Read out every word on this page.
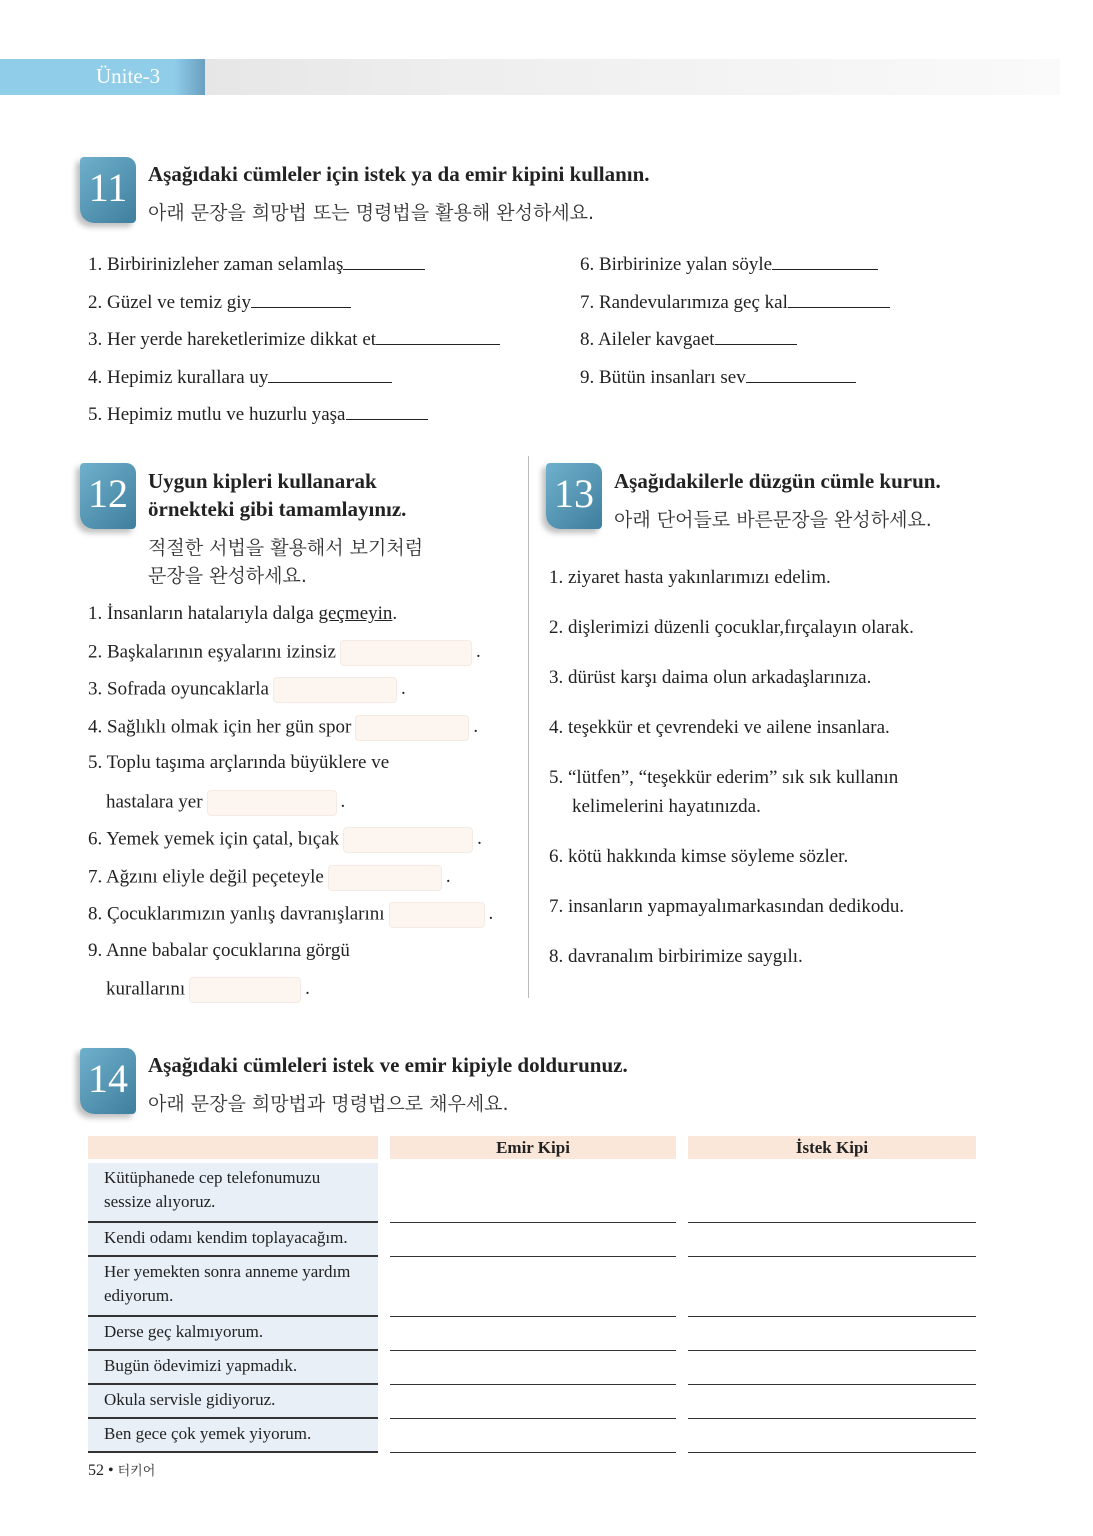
Ünite-3
11 Aşağıdaki cümleler için istek ya da emir kipini kullanın.
아래 문장을 희망법 또는 명령법을 활용해 완성하세요.
12 Uygun kipleri kullanarak
örnekteki gibi tamamlayınız.
적절한 서법을 활용해서 보기처럼
문장을 완성하세요.
1. İnsanların hatalarıyla dalga geçmeyin.
13 Aşağıdakilerle düzgün cümle kurun.
아래 단어들로 바른문장을 완성하세요.
14 Aşağıdaki cümleleri istek ve emir kipiyle doldurunuz.
아래 문장을 희망법과 명령법으로 채우세요.
		Emir Kipi		İstek Kipi

Kütüphanede cep telefonumuzu sessize alıyoruz.				
Kendi odamı kendim toplayacağım.				
Her yemekten sonra anneme yardım ediyorum.				
Derse geç kalmıyorum.				
Bugün ödevimizi yapmadık.				
Okula servisle gidiyoruz.				
Ben gece çok yemek yiyorum.				
52 • 터키어
1. Birbirinizleher zaman selamlaş
2. Güzel ve temiz giy
3. Her yerde hareketlerimize dikkat et
4. Hepimiz kurallara uy
5. Hepimiz mutlu ve huzurlu yaşa
6. Birbirinize yalan söyle
7. Randevularımıza geç kal
8. Aileler kavgaet
9. Bütün insanları sev
2. Başkalarının eşyalarını izinsiz	.
3. Sofrada oyuncaklarla	.
4. Sağlıklı olmak için her gün spor	.
5. Toplu taşıma arçlarında büyüklere ve
hastalara yer	.
6. Yemek yemek için çatal, bıçak	.
7. Ağzını eliyle değil peçeteyle	.
8. Çocuklarımızın yanlış davranışlarını	.
9. Anne babalar çocuklarına görgü
kurallarını	.
1. ziyaret hasta yakınlarımızı edelim.
2. dişlerimizi düzenli çocuklar,fırçalayın olarak.
3. dürüst karşı daima olun arkadaşlarınıza.
4. teşekkür et çevrendeki ve ailene insanlara.
5. “lütfen”, “teşekkür ederim” sık sık kullanın
kelimelerini hayatınızda.
6. kötü hakkında kimse söyleme sözler.
7. insanların yapmayalımarkasından dedikodu.
8. davranalım birbirimize saygılı.
